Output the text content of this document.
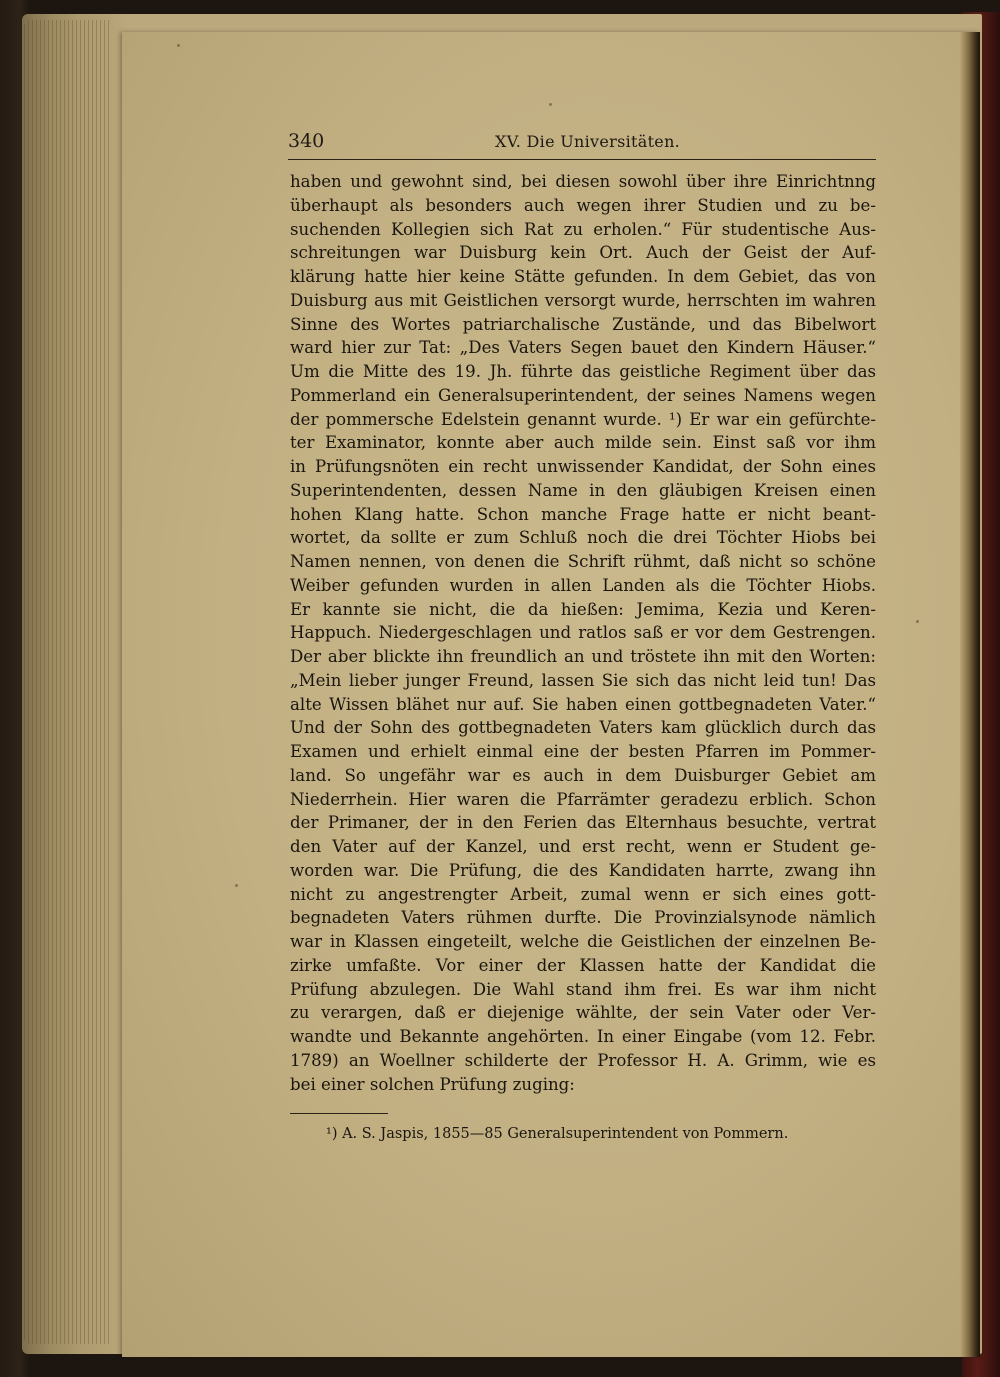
340	XV. Die Universitäten.
haben und gewohnt sind, bei diesen sowohl über ihre Einrichtnng
überhaupt als besonders auch wegen ihrer Studien und zu be-
suchenden Kollegien sich Rat zu erholen.“ Für studentische Aus-
schreitungen war Duisburg kein Ort. Auch der Geist der Auf-
klärung hatte hier keine Stätte gefunden. In dem Gebiet, das von
Duisburg aus mit Geistlichen versorgt wurde, herrschten im wahren
Sinne des Wortes patriarchalische Zustände, und das Bibelwort
ward hier zur Tat: „Des Vaters Segen bauet den Kindern Häuser.“
Um die Mitte des 19. Jh. führte das geistliche Regiment über das
Pommerland ein Generalsuperintendent, der seines Namens wegen
der pommersche Edelstein genannt wurde. ¹) Er war ein gefürchte-
ter Examinator, konnte aber auch milde sein. Einst saß vor ihm
in Prüfungsnöten ein recht unwissender Kandidat, der Sohn eines
Superintendenten, dessen Name in den gläubigen Kreisen einen
hohen Klang hatte. Schon manche Frage hatte er nicht beant-
wortet, da sollte er zum Schluß noch die drei Töchter Hiobs bei
Namen nennen, von denen die Schrift rühmt, daß nicht so schöne
Weiber gefunden wurden in allen Landen als die Töchter Hiobs.
Er kannte sie nicht, die da hießen: Jemima, Kezia und Keren-
Happuch. Niedergeschlagen und ratlos saß er vor dem Gestrengen.
Der aber blickte ihn freundlich an und tröstete ihn mit den Worten:
„Mein lieber junger Freund, lassen Sie sich das nicht leid tun! Das
alte Wissen blähet nur auf. Sie haben einen gottbegnadeten Vater.“
Und der Sohn des gottbegnadeten Vaters kam glücklich durch das
Examen und erhielt einmal eine der besten Pfarren im Pommer-
land. So ungefähr war es auch in dem Duisburger Gebiet am
Niederrhein. Hier waren die Pfarrämter geradezu erblich. Schon
der Primaner, der in den Ferien das Elternhaus besuchte, vertrat
den Vater auf der Kanzel, und erst recht, wenn er Student ge-
worden war. Die Prüfung, die des Kandidaten harrte, zwang ihn
nicht zu angestrengter Arbeit, zumal wenn er sich eines gott-
begnadeten Vaters rühmen durfte. Die Provinzialsynode nämlich
war in Klassen eingeteilt, welche die Geistlichen der einzelnen Be-
zirke umfaßte. Vor einer der Klassen hatte der Kandidat die
Prüfung abzulegen. Die Wahl stand ihm frei. Es war ihm nicht
zu verargen, daß er diejenige wählte, der sein Vater oder Ver-
wandte und Bekannte angehörten. In einer Eingabe (vom 12. Febr.
1789) an Woellner schilderte der Professor H. A. Grimm, wie es
bei einer solchen Prüfung zuging:
¹) A. S. Jaspis, 1855—85 Generalsuperintendent von Pommern.
